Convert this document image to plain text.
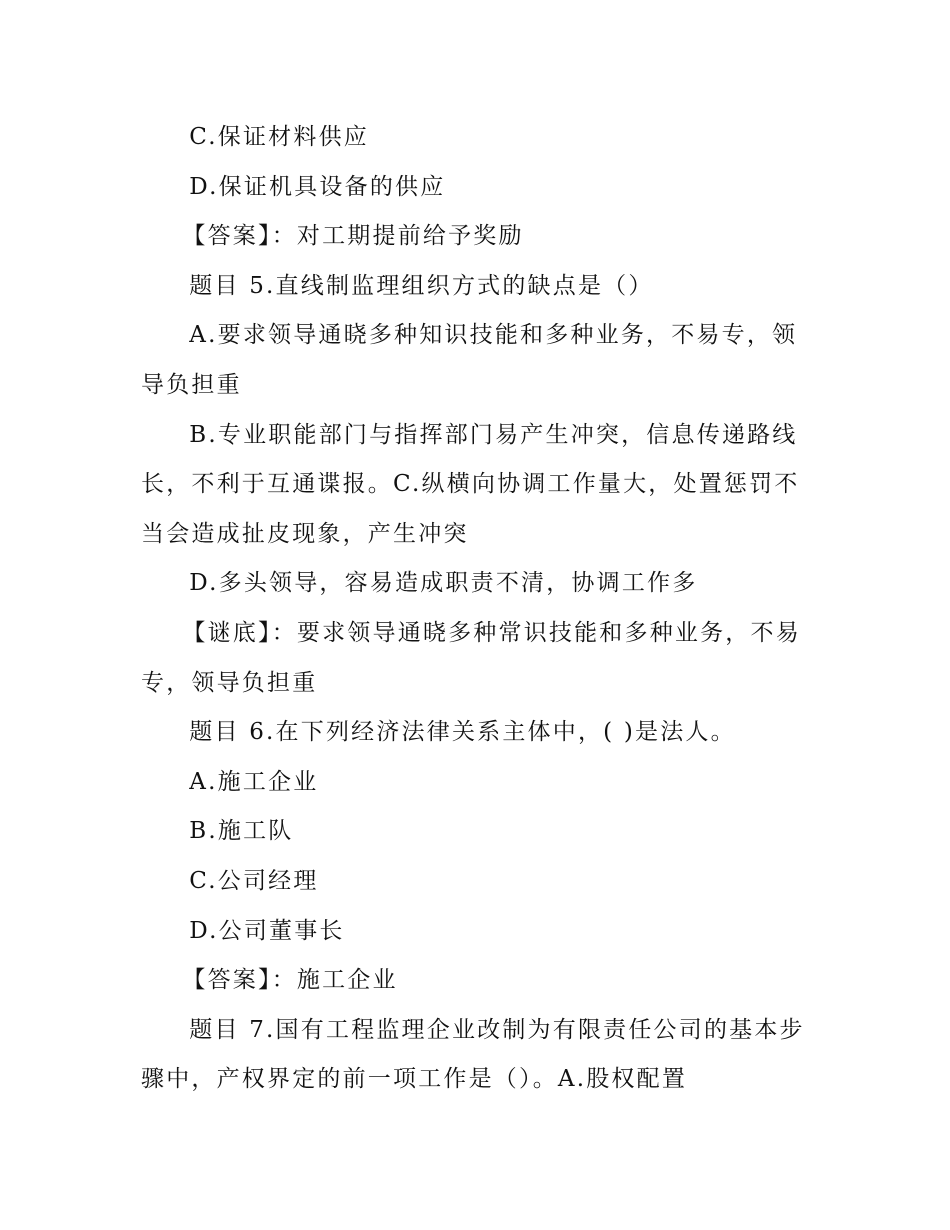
C.保证材料供应

D.保证机具设备的供应

【答案】：对工期提前给予奖励

题目 5.直线制监理组织方式的缺点是（）

A.要求领导通晓多种知识技能和多种业务，不易专，领导负担重

B.专业职能部门与指挥部门易产生冲突，信息传递路线长，不利于互通谍报。C.纵横向协调工作量大，处置惩罚不当会造成扯皮现象，产生冲突

D.多头领导，容易造成职责不清，协调工作多

【谜底】：要求领导通晓多种常识技能和多种业务，不易专，领导负担重

题目 6.在下列经济法律关系主体中，( )是法人。

A.施工企业

B.施工队

C.公司经理

D.公司董事长

【答案】：施工企业

题目 7.国有工程监理企业改制为有限责任公司的基本步骤中，产权界定的前一项工作是（）。A.股权配置
